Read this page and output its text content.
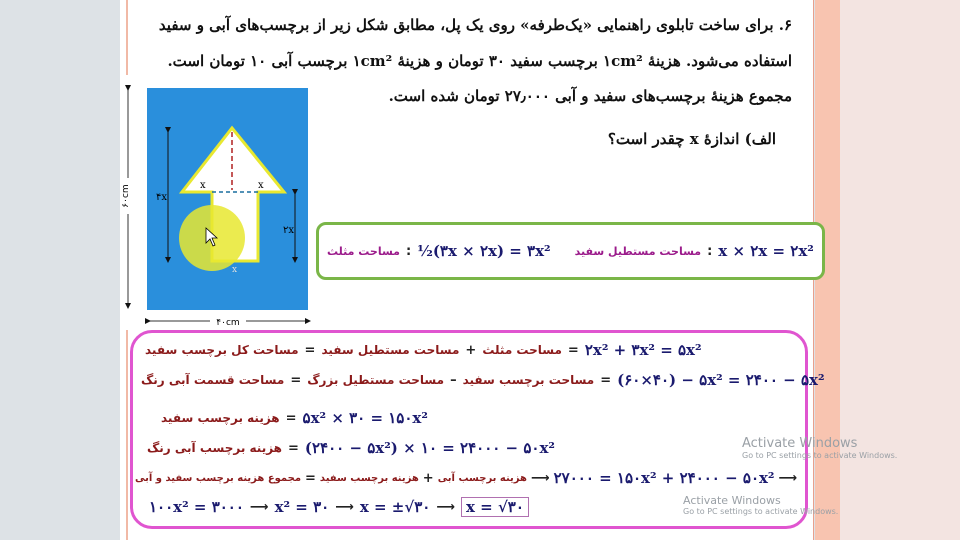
۶. برای ساخت تابلوی راهنمایی «یک‌طرفه» روی یک پل، مطابق شکل زیر از برچسب‌های آبی و سفید
استفاده می‌شود. هزینهٔ ۱cm² برچسب سفید ۳۰ تومان و هزینهٔ ۱cm² برچسب آبی ۱۰ تومان است.
مجموع هزینهٔ برچسب‌های سفید و آبی ۲۷٫۰۰۰ تومان شده است.
الف) اندازهٔ x چقدر است؟
۶۰cm
۴۰cm
۴x
۲x
x	x
x
مساحت مثلث : ½(۳x × ۲x) = ۳x² مساحت مستطیل سفید : x × ۲x = ۲x²
مساحت کل برچسب سفید = مساحت مستطیل سفید + مساحت مثلث = ۲x² + ۳x² = ۵x²
مساحت قسمت آبی رنگ = مساحت مستطیل بزرگ – مساحت برچسب سفید = (۶۰×۴۰) − ۵x² = ۲۴۰۰ − ۵x²
هزینه برچسب سفید = ۵x² × ۳۰ = ۱۵۰x²
هزینه برچسب آبی رنگ = (۲۴۰۰ − ۵x²) × ۱۰ = ۲۴۰۰۰ − ۵۰x²
مجموع هزینه برچسب سفید و آبی = هزینه برچسب سفید + هزینه برچسب آبی ⟶ ۲۷۰۰۰ = ۱۵۰x² + ۲۴۰۰۰ − ۵۰x² ⟶
۱۰۰x² = ۳۰۰۰ ⟶ x² = ۳۰ ⟶ x = ±√۳۰ ⟶ x = √۳۰
Activate Windows
Go to PC settings to activate Windows.
Activate Windows
Go to PC settings to activate Windows.
